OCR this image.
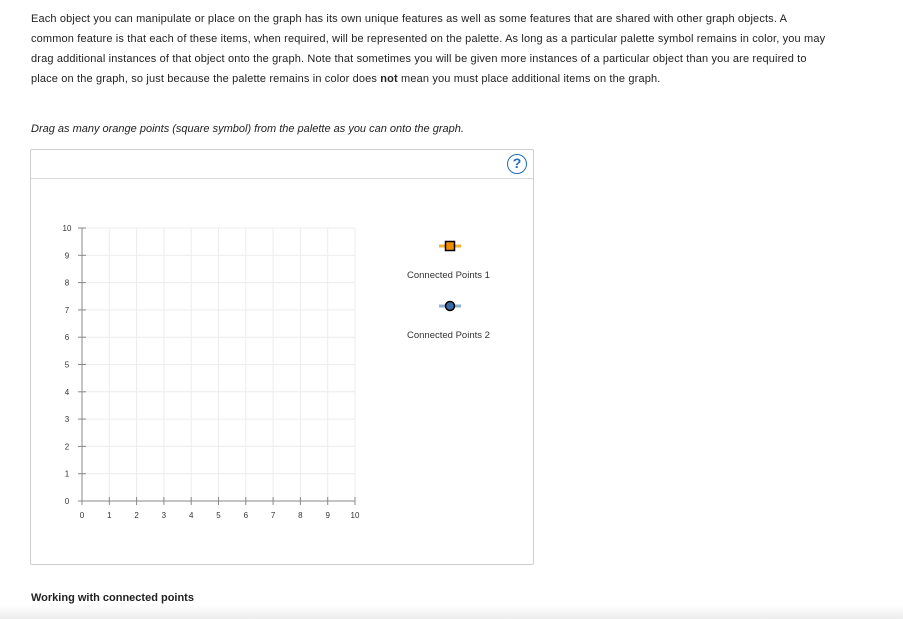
Each object you can manipulate or place on the graph has its own unique features as well as some features that are shared with other graph objects. A common feature is that each of these items, when required, will be represented on the palette. As long as a particular palette symbol remains in color, you may drag additional instances of that object onto the graph. Note that sometimes you will be given more instances of a particular object than you are required to place on the graph, so just because the palette remains in color does not mean you must place additional items on the graph.
Drag as many orange points (square symbol) from the palette as you can onto the graph.
?
0	1	2	3	4	5	6	7	8	9	10
0
1
2
3
4
5
6
7
8
9
10
Connected Points 1
Connected Points 2
Working with connected points
